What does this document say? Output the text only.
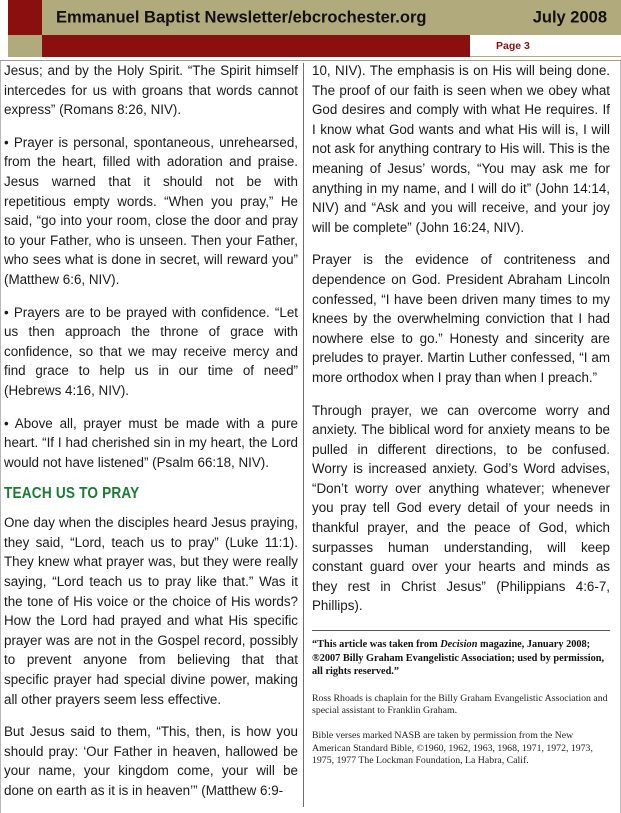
Emmanuel Baptist Newsletter/ebcrochester.org	July 2008
Page 3

Jesus; and by the Holy Spirit. “The Spirit himself intercedes for us with groans that words cannot express” (Romans 8:26, NIV).

• Prayer is personal, spontaneous, unrehearsed, from the heart, filled with adoration and praise. Jesus warned that it should not be with repetitious empty words. “When you pray,” He said, “go into your room, close the door and pray to your Father, who is unseen. Then your Father, who sees what is done in secret, will reward you” (Matthew 6:6, NIV).

• Prayers are to be prayed with confidence. “Let us then approach the throne of grace with confidence, so that we may receive mercy and find grace to help us in our time of need” (Hebrews 4:16, NIV).

• Above all, prayer must be made with a pure heart. “If I had cherished sin in my heart, the Lord would not have listened” (Psalm 66:18, NIV).

TEACH US TO PRAY

One day when the disciples heard Jesus praying, they said, “Lord, teach us to pray” (Luke 11:1). They knew what prayer was, but they were really saying, “Lord teach us to pray like that.” Was it the tone of His voice or the choice of His words? How the Lord had prayed and what His specific prayer was are not in the Gospel record, possibly to prevent anyone from believing that that specific prayer had special divine power, making all other prayers seem less effective.

But Jesus said to them, “This, then, is how you should pray: ‘Our Father in heaven, hallowed be your name, your kingdom come, your will be done on earth as it is in heaven’” (Matthew 6:9-

10, NIV). The emphasis is on His will being done. The proof of our faith is seen when we obey what God desires and comply with what He requires. If I know what God wants and what His will is, I will not ask for anything contrary to His will. This is the meaning of Jesus’ words, “You may ask me for anything in my name, and I will do it” (John 14:14, NIV) and “Ask and you will receive, and your joy will be complete” (John 16:24, NIV).

Prayer is the evidence of contriteness and dependence on God. President Abraham Lincoln confessed, “I have been driven many times to my knees by the overwhelming conviction that I had nowhere else to go.” Honesty and sincerity are preludes to prayer. Martin Luther confessed, “I am more orthodox when I pray than when I preach.”

Through prayer, we can overcome worry and anxiety. The biblical word for anxiety means to be pulled in different directions, to be confused. Worry is increased anxiety. God’s Word advises, “Don’t worry over anything whatever; whenever you pray tell God every detail of your needs in thankful prayer, and the peace of God, which surpasses human understanding, will keep constant guard over your hearts and minds as they rest in Christ Jesus” (Philippians 4:6-7, Phillips).

“This article was taken from Decision magazine, January 2008; ®2007 Billy Graham Evangelistic Association; used by permission, all rights reserved.”

Ross Rhoads is chaplain for the Billy Graham Evangelistic Association and special assistant to Franklin Graham.

Bible verses marked NASB are taken by permission from the New American Standard Bible, ©1960, 1962, 1963, 1968, 1971, 1972, 1973, 1975, 1977 The Lockman Foundation, La Habra, Calif.
